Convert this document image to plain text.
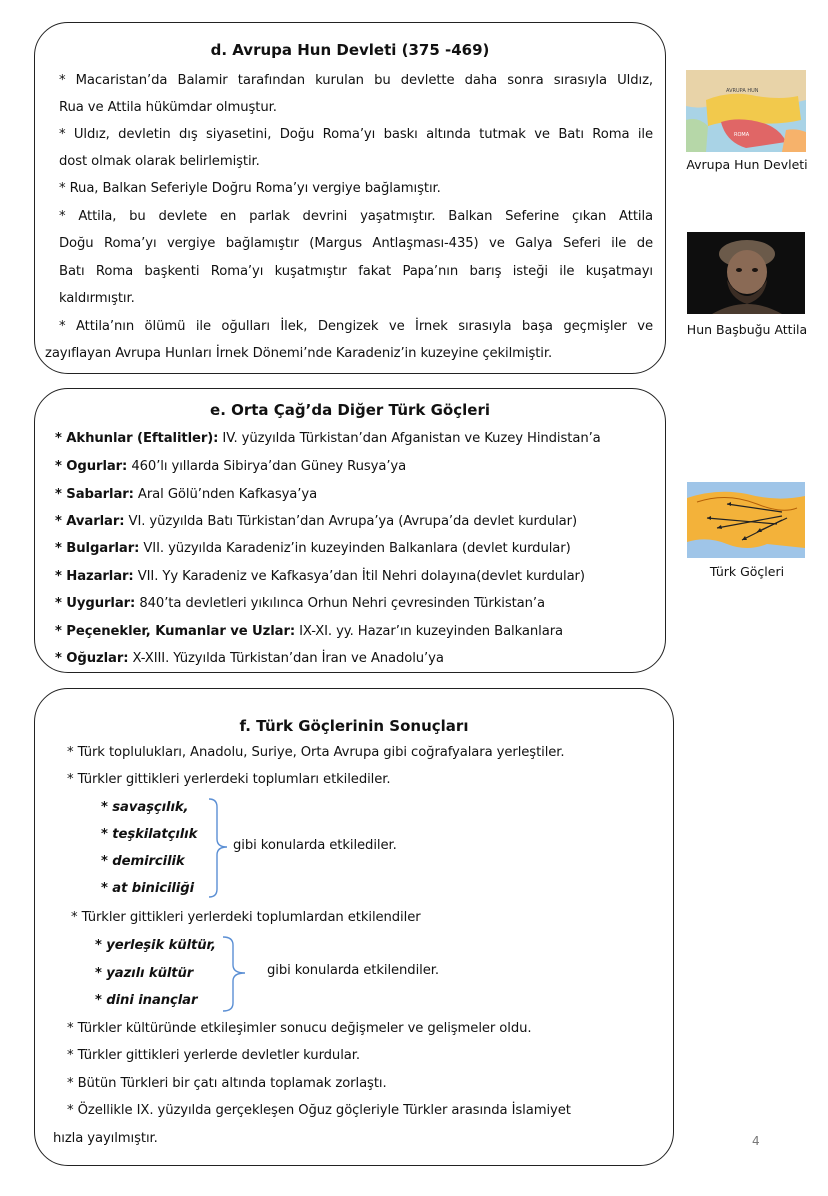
d. Avrupa Hun Devleti (375 -469)
* Macaristan’da Balamir tarafından kurulan bu devlette daha sonra sırasıyla Uldız,
Rua ve Attila hükümdar olmuştur.
* Uldız, devletin dış siyasetini, Doğu Roma’yı baskı altında tutmak ve Batı Roma ile
dost olmak olarak belirlemiştir.
* Rua, Balkan Seferiyle Doğru Roma’yı vergiye bağlamıştır.
* Attila, bu devlete en parlak devrini yaşatmıştır. Balkan Seferine çıkan Attila
Doğu Roma’yı vergiye bağlamıştır (Margus Antlaşması-435) ve Galya Seferi ile de
Batı Roma başkenti Roma’yı kuşatmıştır fakat Papa’nın barış isteği ile kuşatmayı
kaldırmıştır.
* Attila’nın ölümü ile oğulları İlek, Dengizek ve İrnek sırasıyla başa geçmişler ve
zayıflayan Avrupa Hunları İrnek Dönemi’nde Karadeniz’in kuzeyine çekilmiştir.
AVRUPA HUN
ROMA
Avrupa Hun Devleti
Hun Başbuğu Attila
e. Orta Çağ’da Diğer Türk Göçleri
* Akhunlar (Eftalitler): IV. yüzyılda Türkistan’dan Afganistan ve Kuzey Hindistan’a
* Ogurlar: 460’lı yıllarda Sibirya’dan Güney Rusya’ya
* Sabarlar: Aral Gölü’nden Kafkasya’ya
* Avarlar: VI. yüzyılda Batı Türkistan’dan Avrupa’ya (Avrupa’da devlet kurdular)
* Bulgarlar: VII. yüzyılda Karadeniz’in kuzeyinden Balkanlara (devlet kurdular)
* Hazarlar: VII. Yy Karadeniz ve Kafkasya’dan İtil Nehri dolayına(devlet kurdular)
* Uygurlar: 840’ta devletleri yıkılınca Orhun Nehri çevresinden Türkistan’a
* Peçenekler, Kumanlar ve Uzlar: IX-XI. yy. Hazar’ın kuzeyinden Balkanlara
* Oğuzlar: X-XIII. Yüzyılda Türkistan’dan İran ve Anadolu’ya
Türk Göçleri
f. Türk Göçlerinin Sonuçları
* Türk toplulukları, Anadolu, Suriye, Orta Avrupa gibi coğrafyalara yerleştiler.
* Türkler gittikleri yerlerdeki toplumları etkilediler.
* savaşçılık,
* teşkilatçılık
* demircilik
* at biniciliği
gibi konularda etkilediler.
* Türkler gittikleri yerlerdeki toplumlardan etkilendiler
* yerleşik kültür,
* yazılı kültür
* dini inançlar
gibi konularda etkilendiler.
* Türkler kültüründe etkileşimler sonucu değişmeler ve gelişmeler oldu.
* Türkler gittikleri yerlerde devletler kurdular.
* Bütün Türkleri bir çatı altında toplamak zorlaştı.
* Özellikle IX. yüzyılda gerçekleşen Oğuz göçleriyle Türkler arasında İslamiyet
hızla yayılmıştır.	4
